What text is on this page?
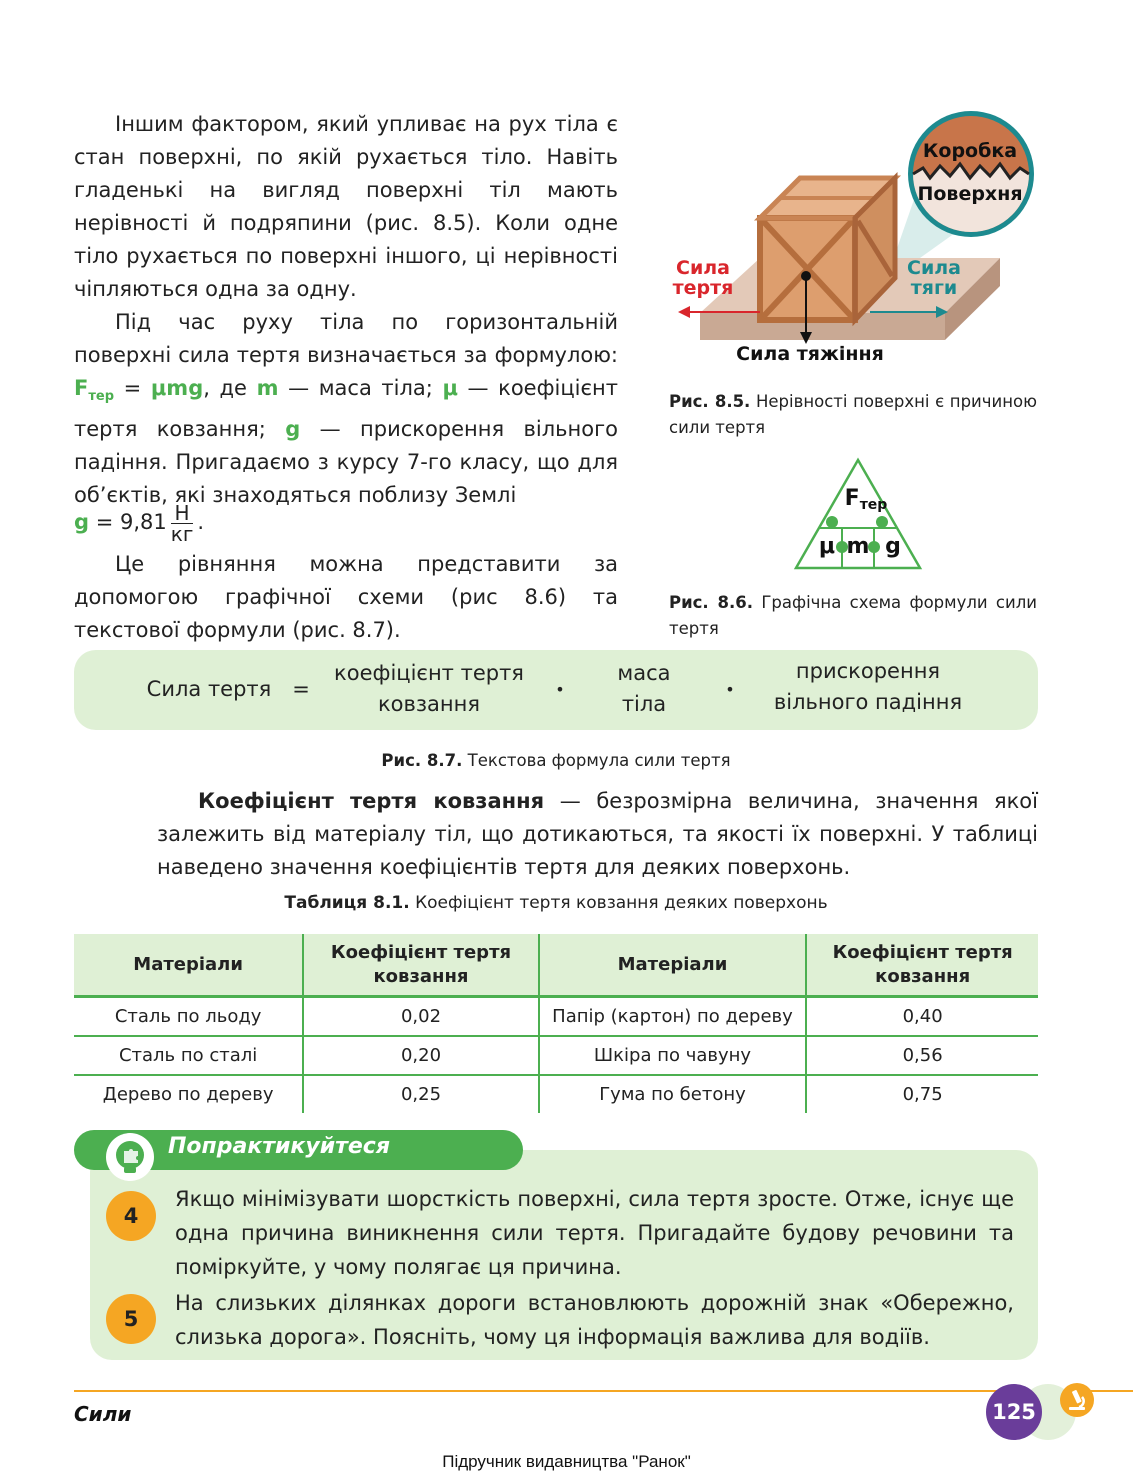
Іншим фактором, який упливає на рух тіла є стан поверхні, по якій рухається тіло. Навіть гладенькі на вигляд поверхні тіл мають нерівності й подряпини (рис. 8.5). Коли одне тіло рухається по поверхні іншого, ці нерівності чіпляються одна за одну.
Під час руху тіла по горизонтальній поверхні сила тертя визначається за формулою: $F_{тер} = \mu mg$, де m — маса тіла; μ — коефіцієнт тертя ковзання; g — прискорення вільного падіння. Пригадаємо з курсу 7-го класу, що для об’єктів, які знаходяться поблизу Землі
$g = 9,81 \frac{Н}{кг}$ .
Це рівняння можна представити за допомогою графічної схеми (рис 8.6) та текстової формули (рис. 8.7).
Коробка
Поверхня
Сила
тертя
Сила
тяги
Сила тяжіння
Рис. 8.5. Нерівності поверхні є причиною сили тертя
Fтер
μ m g
Рис. 8.6. Графічна схема формули сили тертя
Сила тертя =
коефіцієнт тертя
ковзання
•
маса
тіла
•
прискорення
вільного падіння
Рис. 8.7. Текстова формула сили тертя
Коефіцієнт тертя ковзання — безрозмірна величина, значення якої залежить від матеріалу тіл, що дотикаються, та якості їх поверхні. У таблиці наведено значення коефіцієнтів тертя для деяких поверхонь.
Таблиця 8.1. Коефіцієнт тертя ковзання деяких поверхонь
Матеріали	Коефіцієнт тертя ковзання	Матеріали	Коефіцієнт тертя ковзання
Сталь по льоду	0,02	Папір (картон) по дереву	0,40
Сталь по сталі	0,20	Шкіра по чавуну	0,56
Дерево по дереву	0,25	Гума по бетону	0,75
Попрактикуйтеся
4
Якщо мінімізувати шорсткість поверхні, сила тертя зросте. Отже, існує ще одна причина виникнення сили тертя. Пригадайте будову речовини та поміркуйте, у чому полягає ця причина.
5
На слизьких ділянках дороги встановлюють дорожній знак «Обережно, слизька дорога». Поясніть, чому ця інформація важлива для водіїв.
Сили	125
Підручник видавництва "Ранок"
